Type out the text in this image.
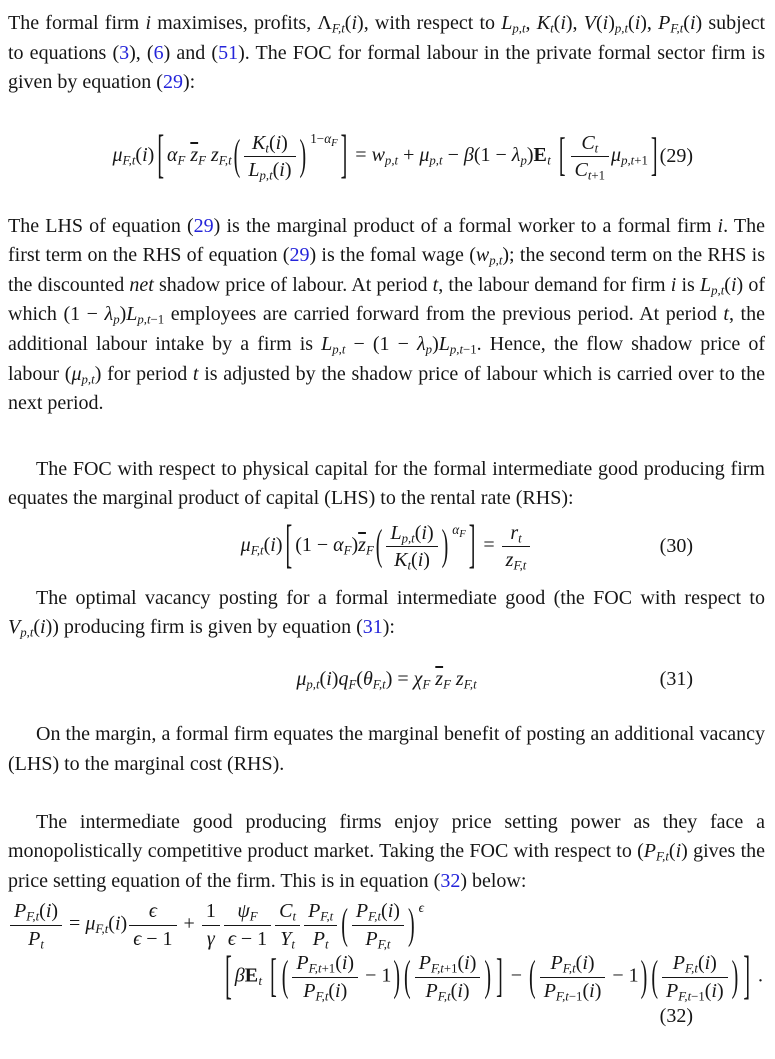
The formal firm i maximises, profits, $\Lambda_{F,t}(i)$, with respect to $L_{p,t}$, $K_t(i)$, $V(i)_{p,t}(i)$, $P_{F,t}(i)$ subject to equations (3), (6) and (51). The FOC for formal labour in the private formal sector firm is given by equation (29):

$\mu_{F,t}(i)$ [ $\alpha_F$ $\overline{z}_F$ $z_{F,t}$ ( $\frac{K_t(i)}{L_{p,t}(i)}$ ) $^{1-\alpha_F}$ ] = $w_{p,t} + \mu_{p,t} - \beta(1 - \lambda_p)E_t$ [ $\frac{C_t}{C_{t+1}} \mu_{p,t+1}$ ] (29)

The LHS of equation (29) is the marginal product of a formal worker to a formal firm i. The first term on the RHS of equation (29) is the fomal wage $(w_{p,t})$; the second term on the RHS is the discounted net shadow price of labour. At period t, the labour demand for firm i is $L_{p,t}(i)$ of which $(1 - \lambda_p)L_{p,t-1}$ employees are carried forward from the previous period. At period t, the additional labour intake by a firm is $L_{p,t} - (1 - \lambda_p)L_{p,t-1}$. Hence, the flow shadow price of labour $(\mu_{p,t})$ for period t is adjusted by the shadow price of labour which is carried over to the next period.

The FOC with respect to physical capital for the formal intermediate good producing firm equates the marginal product of capital (LHS) to the rental rate (RHS):

$\mu_{F,t}(i)$ [ $(1 - \alpha_F)\overline{z}_F$ ( $\frac{L_{p,t}(i)}{K_t(i)}$ ) $^{\alpha_F}$ ] = $\frac{r_t}{z_{F,t}}$	(30)

The optimal vacancy posting for a formal intermediate good (the FOC with respect to $V_{p,t}(i)$) producing firm is given by equation (31):

$\mu_{p,t}(i)q_F(\theta_{F,t}) = \chi_F$ $\overline{z}_F$ $z_{F,t}$	(31)

On the margin, a formal firm equates the marginal benefit of posting an additional vacancy (LHS) to the marginal cost (RHS).

The intermediate good producing firms enjoy price setting power as they face a monopolistically competitive product market. Taking the FOC with respect to ($P_{F,t}(i)$ gives the price setting equation of the firm. This is in equation (32) below:

$\frac{P_{F,t}(i)}{P_t} = \mu_{F,t}(i) \frac{\epsilon}{\epsilon - 1} + \frac{1}{\gamma} \frac{\psi_F}{\epsilon - 1} \frac{C_t}{Y_t} \frac{P_{F,t}}{P_t}$ ( $\frac{P_{F,t}(i)}{P_{F,t}}$ ) $^\epsilon$
[ $\beta E_t$ [ ( $\frac{P_{F,t+1}(i)}{P_{F,t}(i)} - 1$ ) ( $\frac{P_{F,t+1}(i)}{P_{F,t}(i)}$ ) ] − ( $\frac{P_{F,t}(i)}{P_{F,t-1}(i)} - 1$ ) ( $\frac{P_{F,t}(i)}{P_{F,t-1}(i)}$ ) ] .
(32)
